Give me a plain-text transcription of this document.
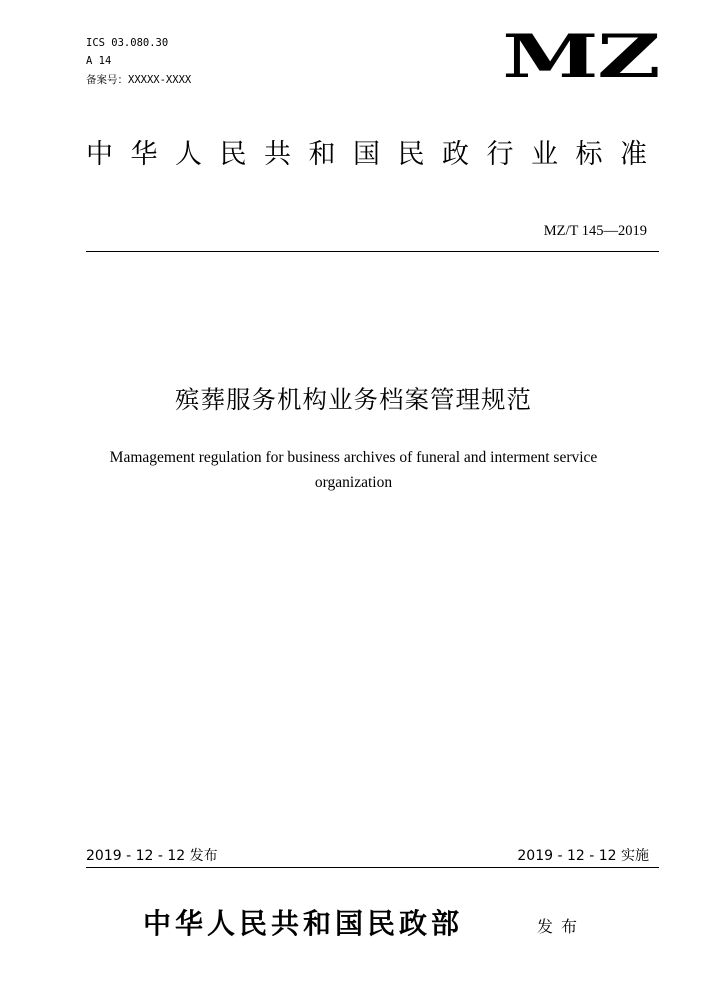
ICS 03.080.30
A 14
备案号：XXXXX-XXXX	MZ
中华人民共和国民政行业标准
MZ/T 145—2019
殡葬服务机构业务档案管理规范
Mamagement regulation for business archives of funeral and interment service
organization
2019 - 12 - 12 发布	2019 - 12 - 12 实施
中华人民共和国民政部	发布
